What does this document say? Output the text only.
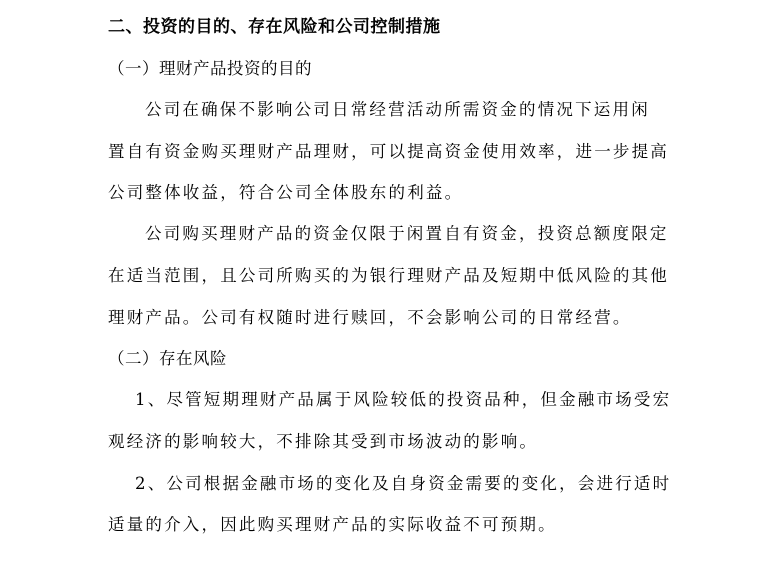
二、投资的目的、存在风险和公司控制措施
（一）理财产品投资的目的
公司在确保不影响公司日常经营活动所需资金的情况下运用闲
置自有资金购买理财产品理财，可以提高资金使用效率，进一步提高
公司整体收益，符合公司全体股东的利益。
公司购买理财产品的资金仅限于闲置自有资金，投资总额度限定
在适当范围，且公司所购买的为银行理财产品及短期中低风险的其他
理财产品。公司有权随时进行赎回，不会影响公司的日常经营。
（二）存在风险
1、尽管短期理财产品属于风险较低的投资品种，但金融市场受宏
观经济的影响较大，不排除其受到市场波动的影响。
2、公司根据金融市场的变化及自身资金需要的变化，会进行适时
适量的介入，因此购买理财产品的实际收益不可预期。
